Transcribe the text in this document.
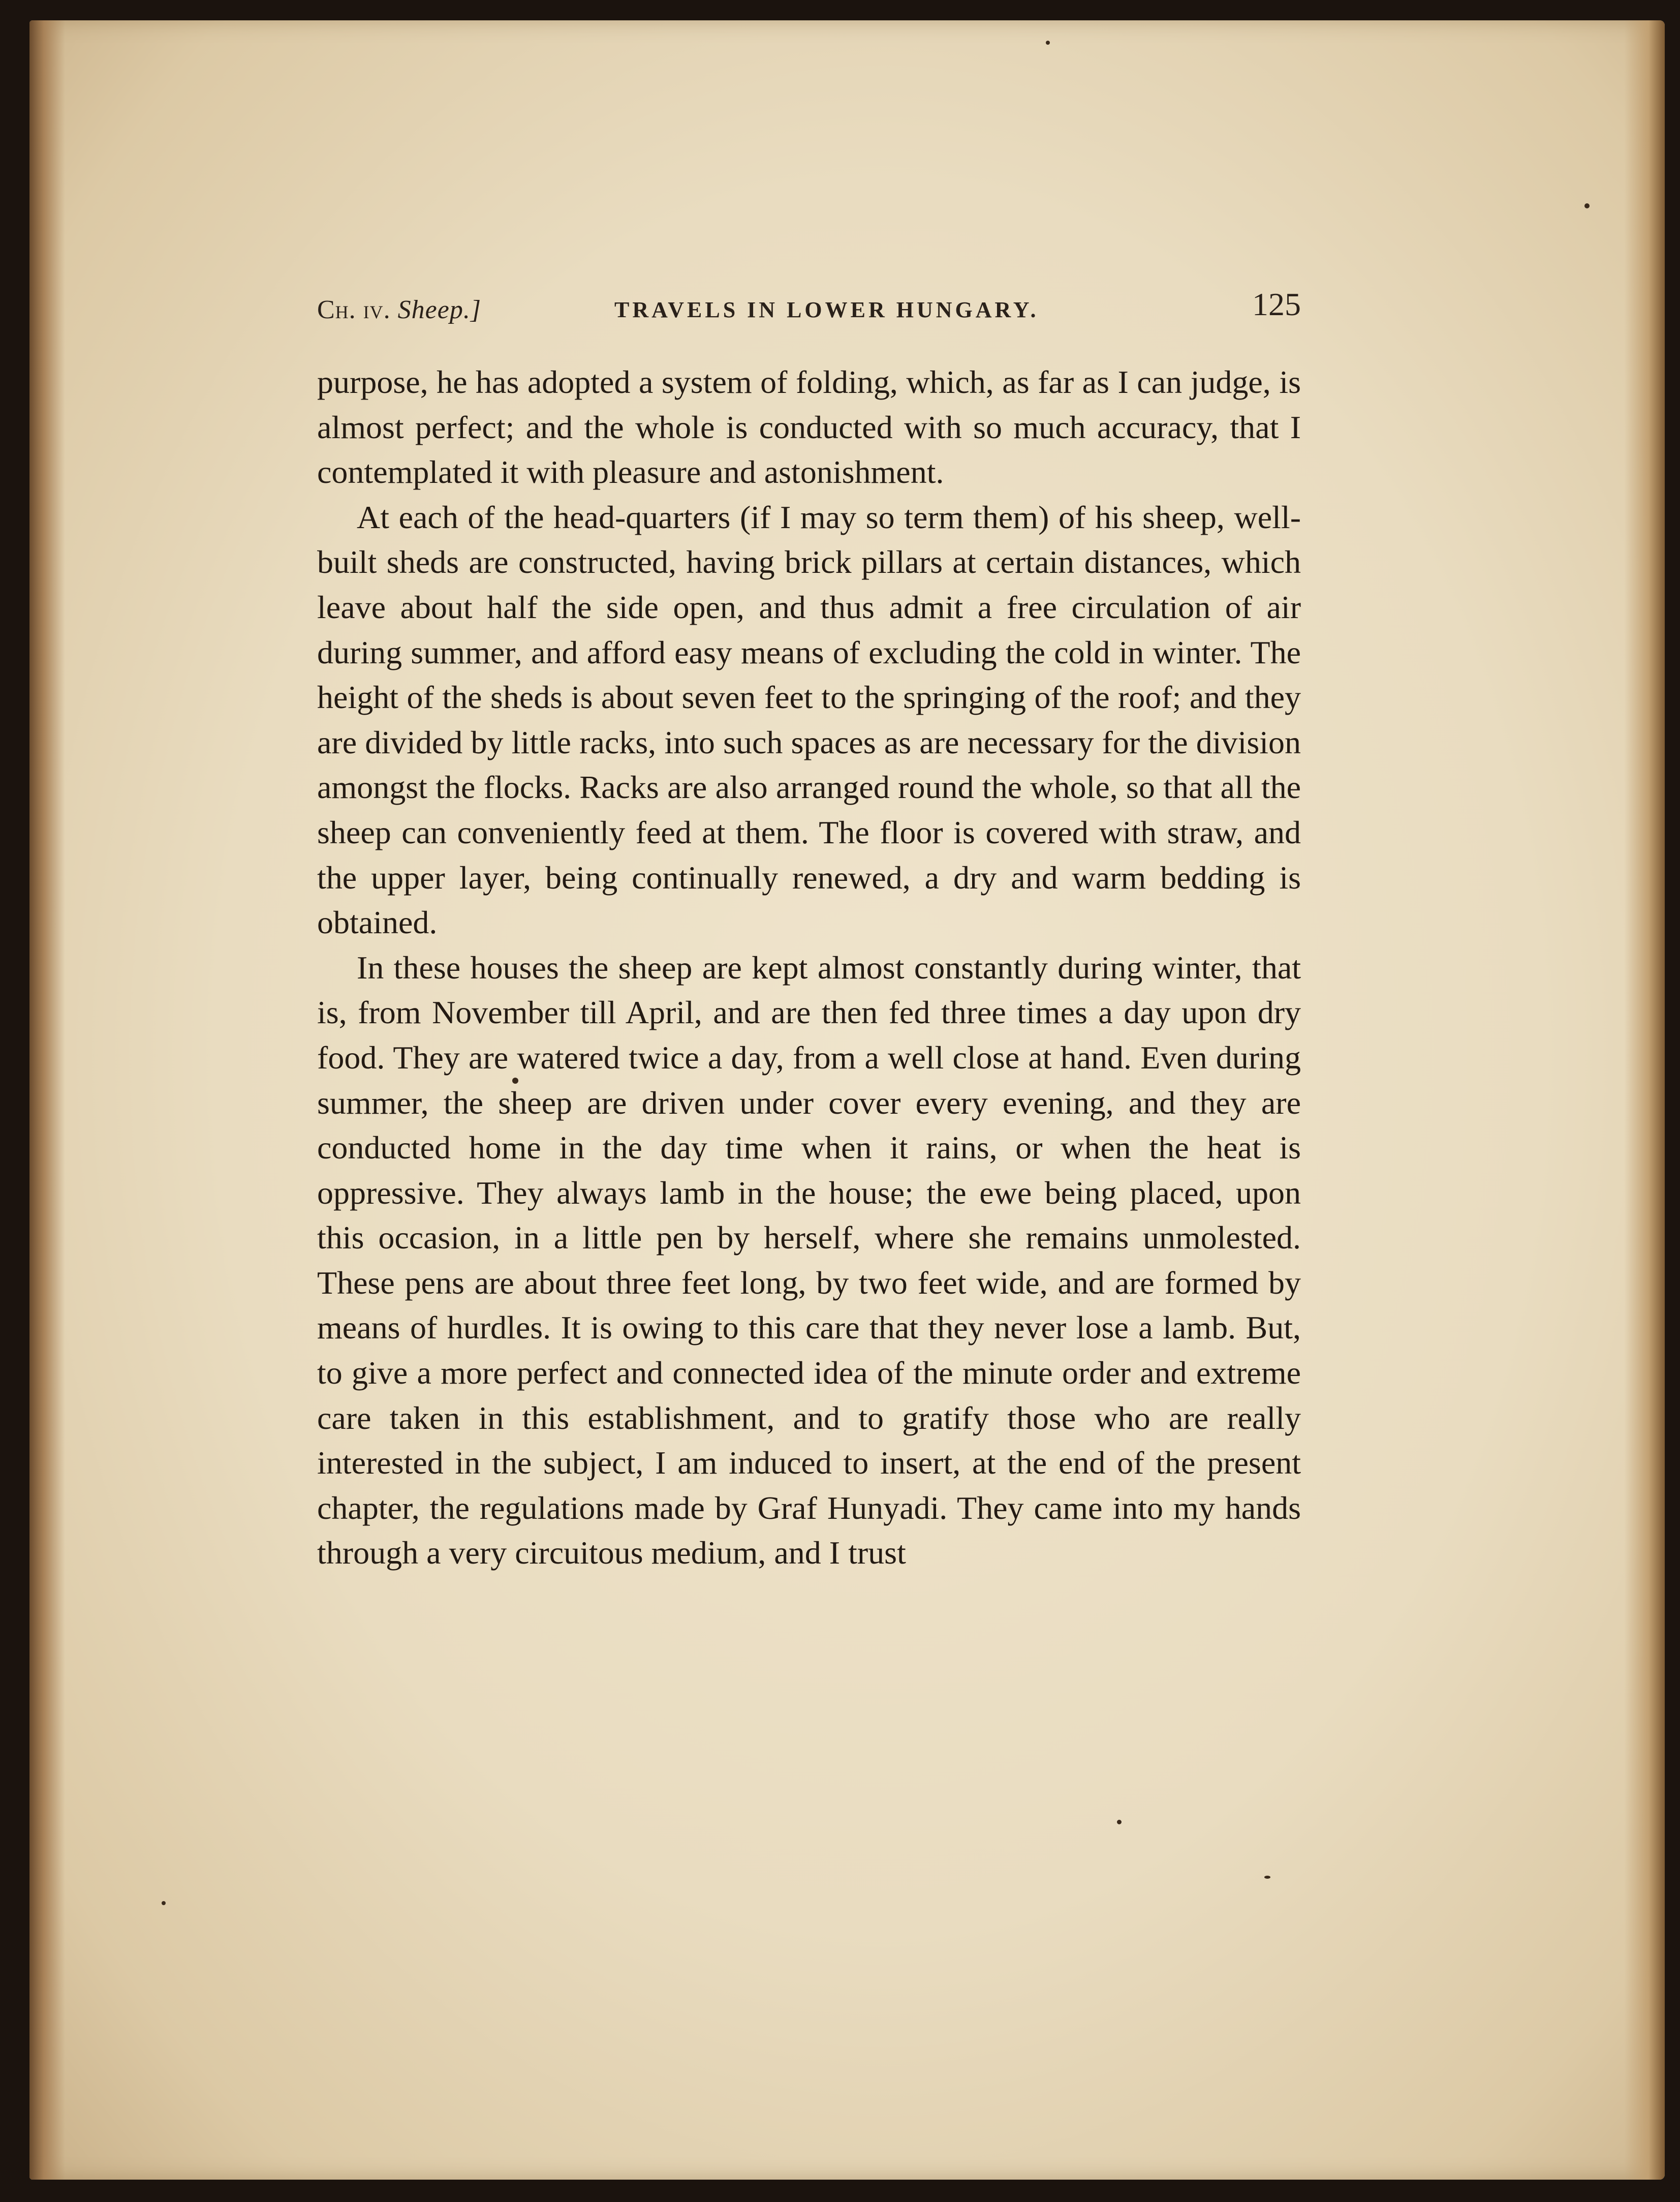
Ch. iv. Sheep.]	TRAVELS IN LOWER HUNGARY.	125

purpose, he has adopted a system of folding, which, as far as I can judge, is almost perfect; and the whole is conducted with so much accuracy, that I contemplated it with pleasure and astonishment.

At each of the head-quarters (if I may so term them) of his sheep, well-built sheds are constructed, having brick pillars at certain distances, which leave about half the side open, and thus admit a free circulation of air during summer, and afford easy means of excluding the cold in winter. The height of the sheds is about seven feet to the springing of the roof; and they are divided by little racks, into such spaces as are necessary for the division amongst the flocks. Racks are also arranged round the whole, so that all the sheep can conveniently feed at them. The floor is covered with straw, and the upper layer, being continually renewed, a dry and warm bedding is obtained.

In these houses the sheep are kept almost constantly during winter, that is, from November till April, and are then fed three times a day upon dry food. They are watered twice a day, from a well close at hand. Even during summer, the sheep are driven under cover every evening, and they are conducted home in the day time when it rains, or when the heat is oppressive. They always lamb in the house; the ewe being placed, upon this occasion, in a little pen by herself, where she remains unmolested. These pens are about three feet long, by two feet wide, and are formed by means of hurdles. It is owing to this care that they never lose a lamb. But, to give a more perfect and connected idea of the minute order and extreme care taken in this establishment, and to gratify those who are really interested in the subject, I am induced to insert, at the end of the present chapter, the regulations made by Graf Hunyadi. They came into my hands through a very circuitous medium, and I trust
